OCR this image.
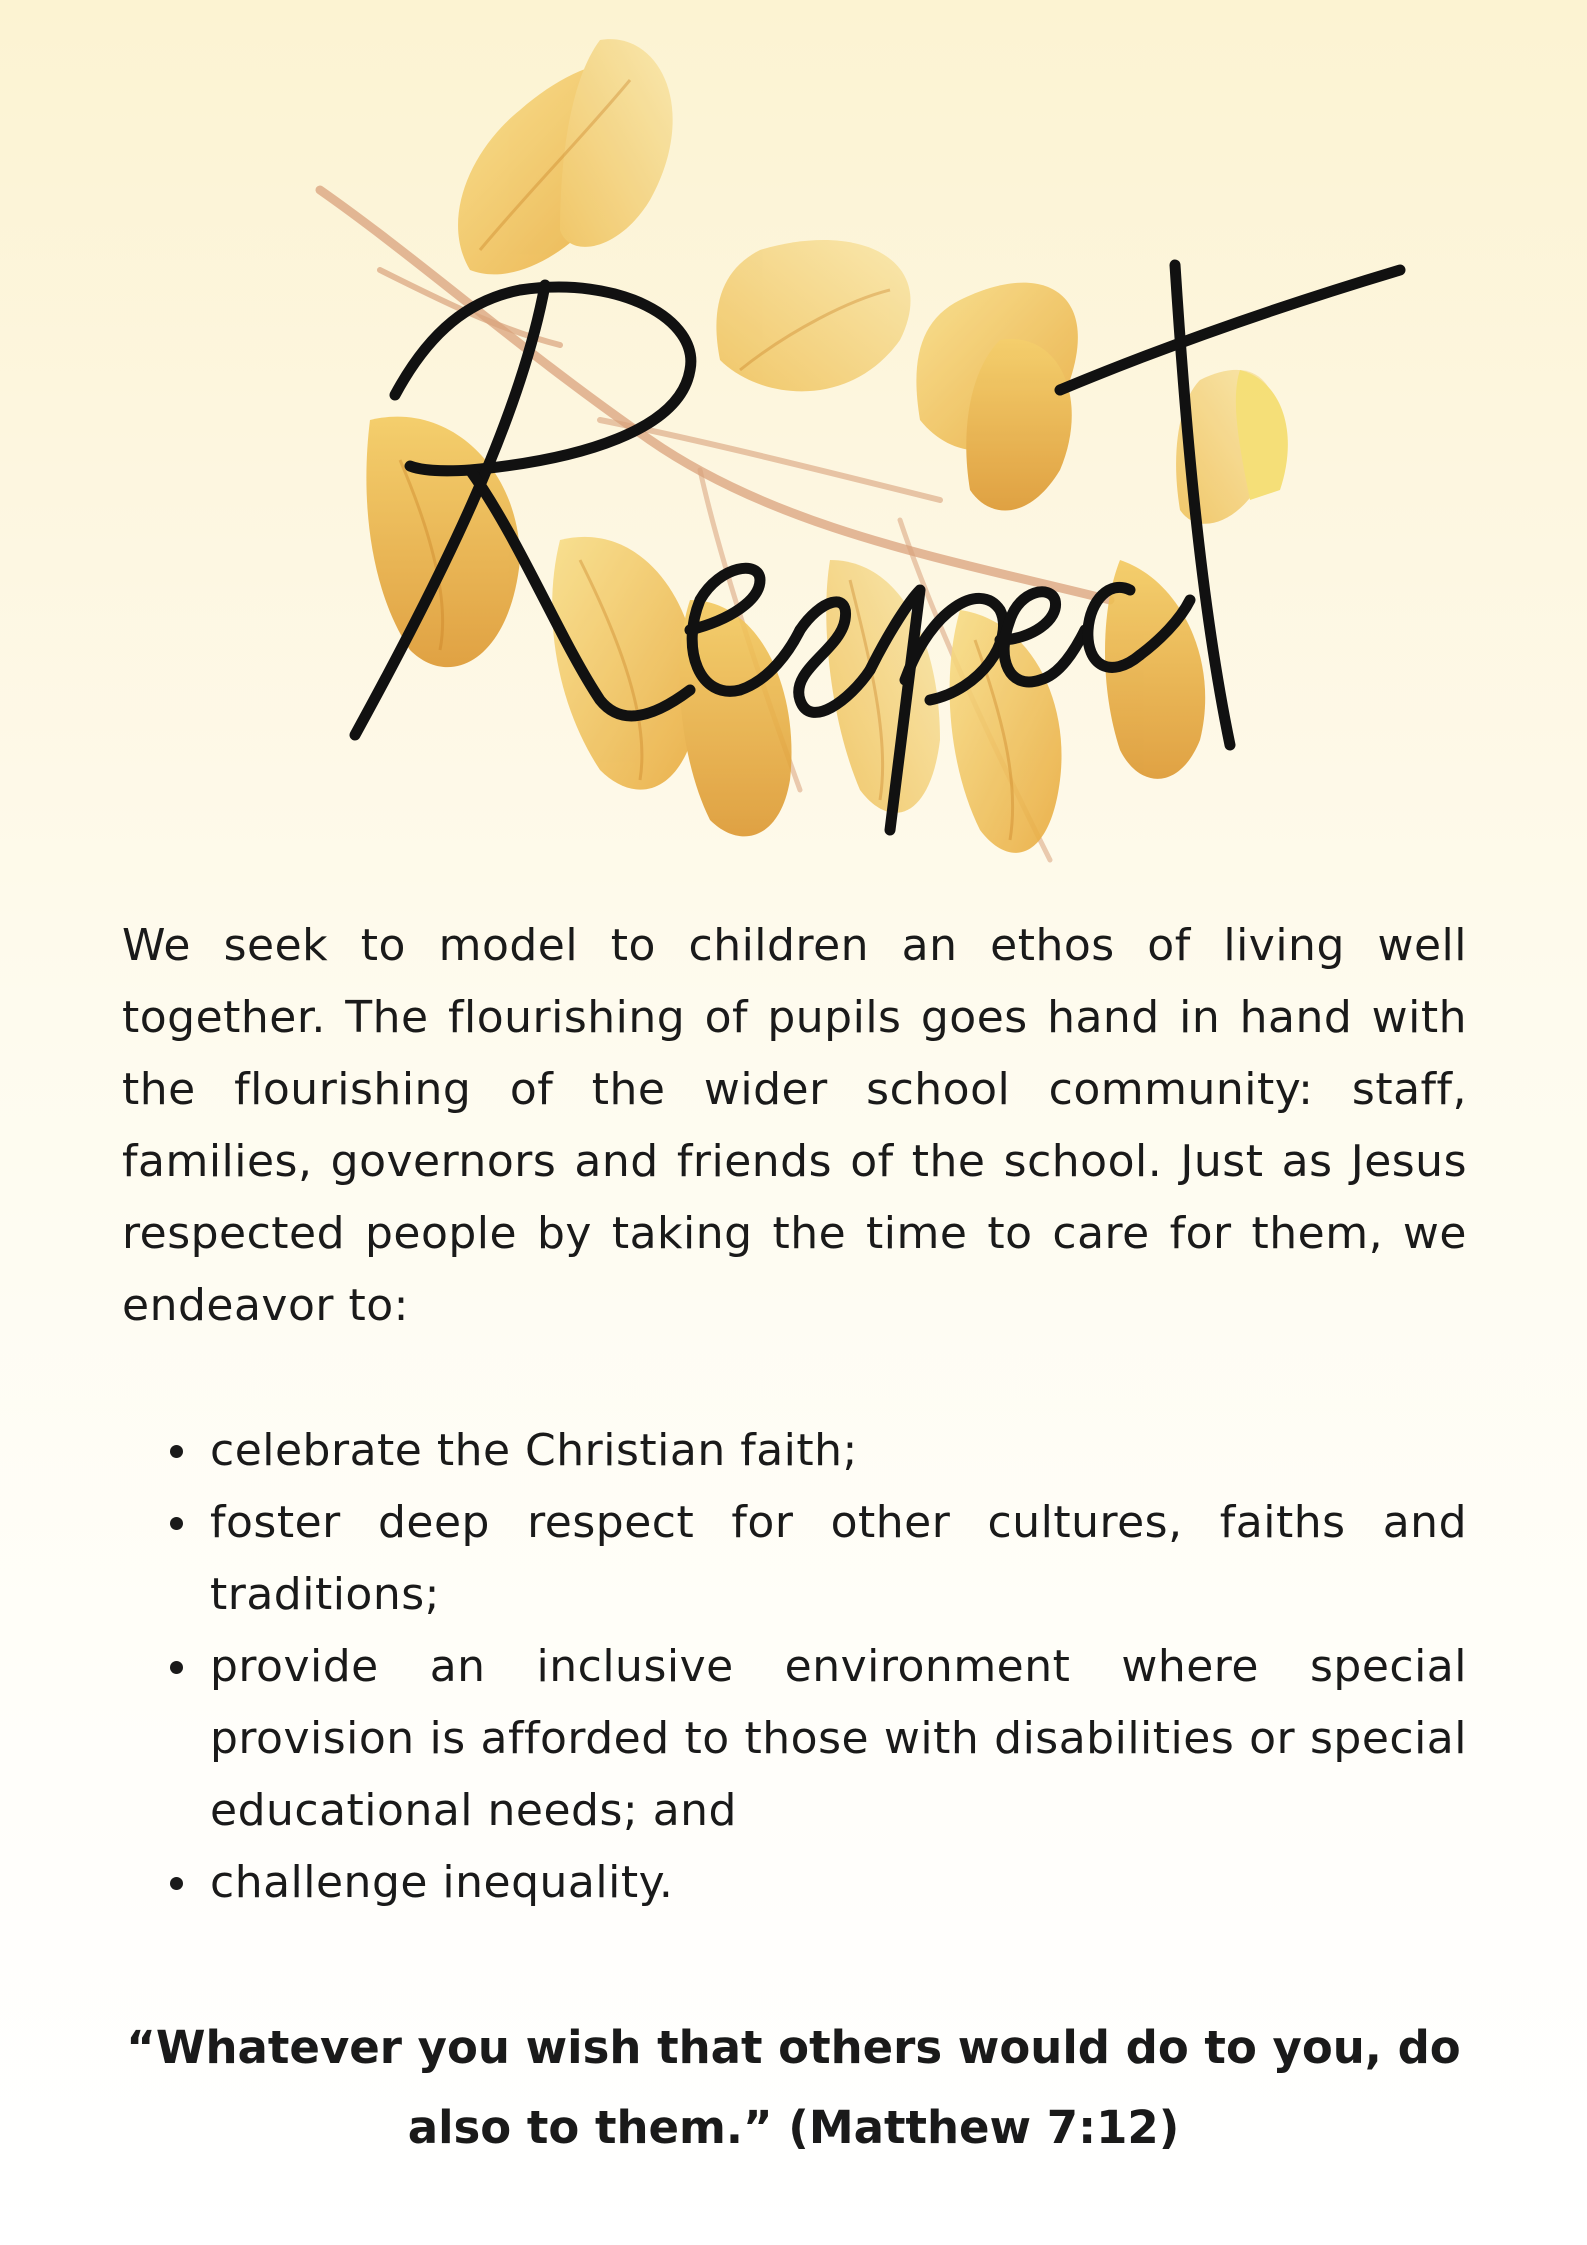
We seek to model to children an ethos of living well together. The flourishing of pupils goes hand in hand with the flourishing of the wider school community: staff, families, governors and friends of the school. Just as Jesus respected people by taking the time to care for them, we endeavor to:

celebrate the Christian faith;
foster deep respect for other cultures, faiths and traditions;
provide an inclusive environment where special provision is afforded to those with disabilities or special educational needs; and
challenge inequality.

“Whatever you wish that others would do to you, do also to them.” (Matthew 7:12)
